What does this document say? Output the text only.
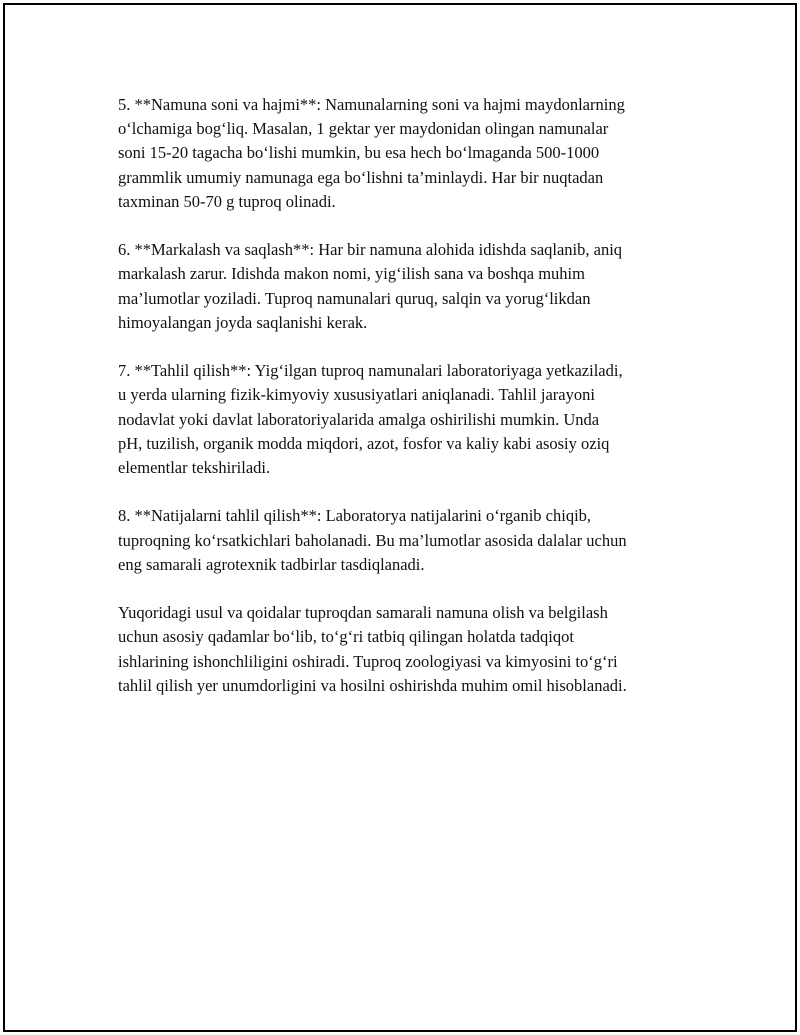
5. **Namuna soni va hajmi**: Namunalarning soni va hajmi maydonlarning
o‘lchamiga bog‘liq. Masalan, 1 gektar yer maydonidan olingan namunalar
soni 15-20 tagacha bo‘lishi mumkin, bu esa hech bo‘lmaganda 500-1000
grammlik umumiy namunaga ega bo‘lishni ta’minlaydi. Har bir nuqtadan
taxminan 50-70 g tuproq olinadi.

6. **Markalash va saqlash**: Har bir namuna alohida idishda saqlanib, aniq
markalash zarur. Idishda makon nomi, yig‘ilish sana va boshqa muhim
ma’lumotlar yoziladi. Tuproq namunalari quruq, salqin va yorug‘likdan
himoyalangan joyda saqlanishi kerak.

7. **Tahlil qilish**: Yig‘ilgan tuproq namunalari laboratoriyaga yetkaziladi,
u yerda ularning fizik-kimyoviy xususiyatlari aniqlanadi. Tahlil jarayoni
nodavlat yoki davlat laboratoriyalarida amalga oshirilishi mumkin. Unda
pH, tuzilish, organik modda miqdori, azot, fosfor va kaliy kabi asosiy oziq
elementlar tekshiriladi.

8. **Natijalarni tahlil qilish**: Laboratorya natijalarini o‘rganib chiqib,
tuproqning ko‘rsatkichlari baholanadi. Bu ma’lumotlar asosida dalalar uchun
eng samarali agrotexnik tadbirlar tasdiqlanadi.

Yuqoridagi usul va qoidalar tuproqdan samarali namuna olish va belgilash
uchun asosiy qadamlar bo‘lib, to‘g‘ri tatbiq qilingan holatda tadqiqot
ishlarining ishonchliligini oshiradi. Tuproq zoologiyasi va kimyosini to‘g‘ri
tahlil qilish yer unumdorligini va hosilni oshirishda muhim omil hisoblanadi.
